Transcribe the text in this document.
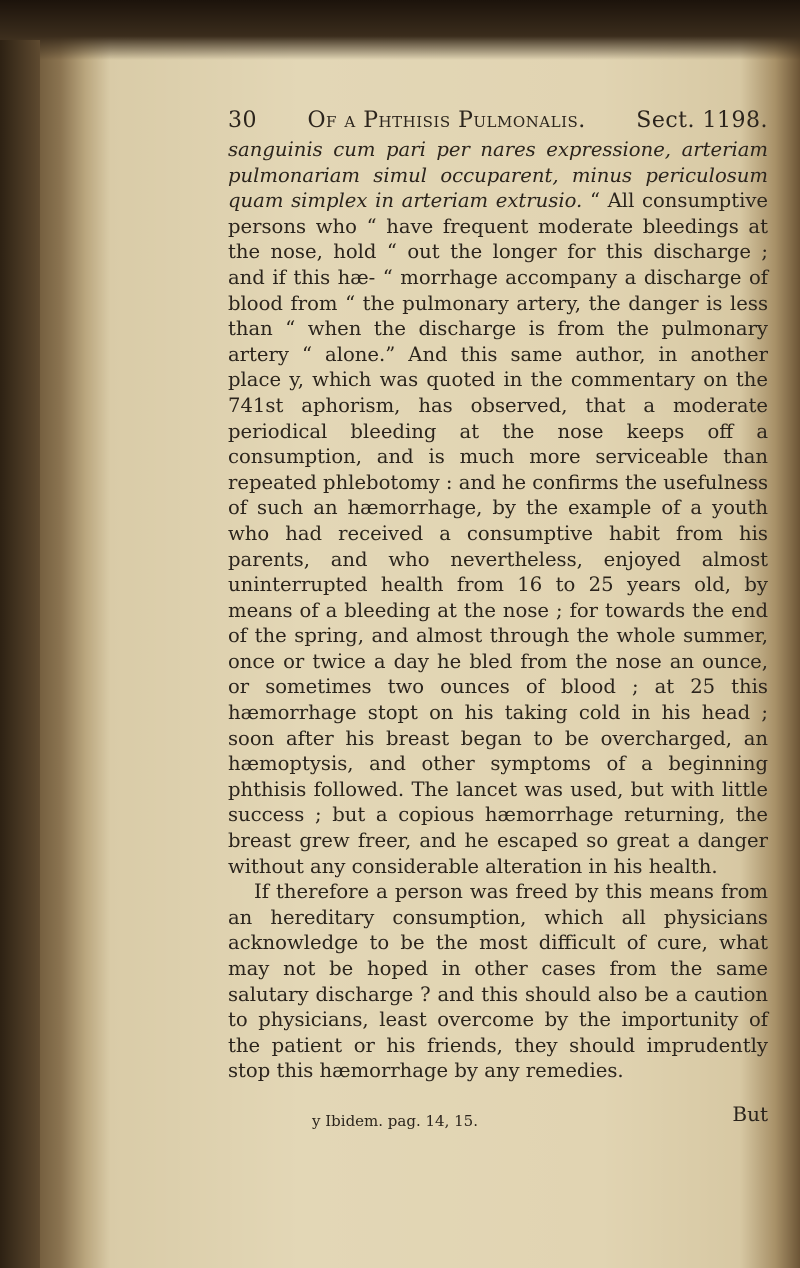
30 Of a Phthisis Pulmonalis. Sect. 1198.

sanguinis cum pari per nares expressione, arteriam pulmonariam simul occuparent, minus periculosum quam simplex in arteriam extrusio. “ All consumptive persons who “ have frequent moderate bleedings at the nose, hold “ out the longer for this discharge ; and if this hæ- “ morrhage accompany a discharge of blood from “ the pulmonary artery, the danger is less than “ when the discharge is from the pulmonary artery “ alone.” And this same author, in another place y, which was quoted in the commentary on the 741st aphorism, has observed, that a moderate periodical bleeding at the nose keeps off a consumption, and is much more serviceable than repeated phlebotomy : and he confirms the usefulness of such an hæmorrhage, by the example of a youth who had received a consumptive habit from his parents, and who nevertheless, enjoyed almost uninterrupted health from 16 to 25 years old, by means of a bleeding at the nose ; for towards the end of the spring, and almost through the whole summer, once or twice a day he bled from the nose an ounce, or sometimes two ounces of blood ; at 25 this hæmorrhage stopt on his taking cold in his head ; soon after his breast began to be overcharged, an hæmoptysis, and other symptoms of a beginning phthisis followed. The lancet was used, but with little success ; but a copious hæmorrhage returning, the breast grew freer, and he escaped so great a danger without any considerable alteration in his health.

If therefore a person was freed by this means from an hereditary consumption, which all physicians acknowledge to be the most difficult of cure, what may not be hoped in other cases from the same salutary discharge ? and this should also be a caution to physicians, least overcome by the importunity of the patient or his friends, they should imprudently stop this hæmorrhage by any remedies.

But

y Ibidem. pag. 14, 15.
